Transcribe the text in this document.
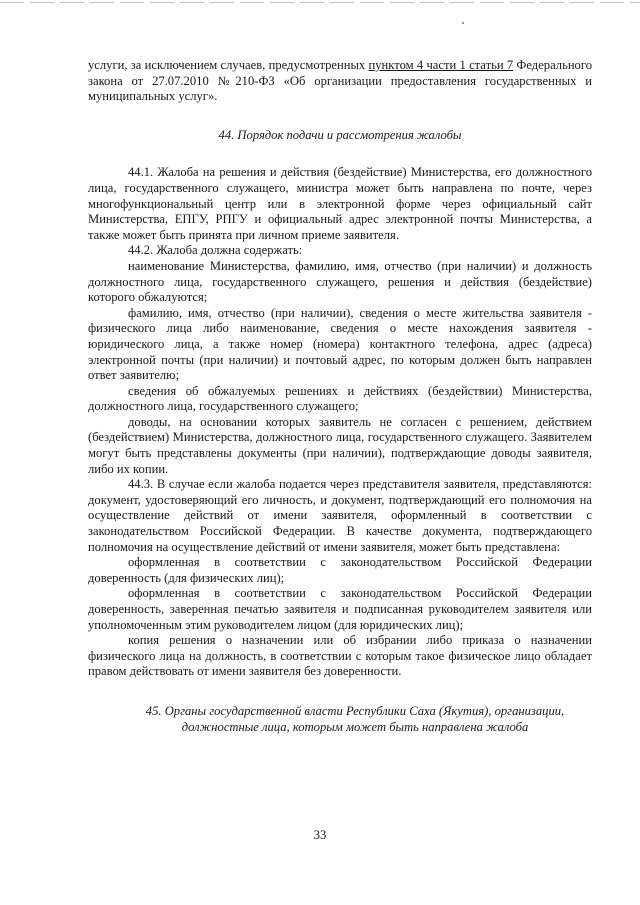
услуги, за исключением случаев, предусмотренных пунктом 4 части 1 статьи 7 Федерального закона от 27.07.2010 №210-ФЗ «Об организации предоставления государственных и муниципальных услуг».

44. Порядок подачи и рассмотрения жалобы

44.1. Жалоба на решения и действия (бездействие) Министерства, его должностного лица, государственного служащего, министра может быть направлена по почте, через многофункциональный центр или в электронной форме через официальный сайт Министерства, ЕПГУ, РПГУ и официальный адрес электронной почты Министерства, а также может быть принята при личном приеме заявителя.

44.2. Жалоба должна содержать:

наименование Министерства, фамилию, имя, отчество (при наличии) и должность должностного лица, государственного служащего, решения и действия (бездействие) которого обжалуются;

фамилию, имя, отчество (при наличии), сведения о месте жительства заявителя - физического лица либо наименование, сведения о месте нахождения заявителя - юридического лица, а также номер (номера) контактного телефона, адрес (адреса) электронной почты (при наличии) и почтовый адрес, по которым должен быть направлен ответ заявителю;

сведения об обжалуемых решениях и действиях (бездействии) Министерства, должностного лица, государственного служащего;

доводы, на основании которых заявитель не согласен с решением, действием (бездействием) Министерства, должностного лица, государственного служащего. Заявителем могут быть представлены документы (при наличии), подтверждающие доводы заявителя, либо их копии.

44.3. В случае если жалоба подается через представителя заявителя, представляются: документ, удостоверяющий его личность, и документ, подтверждающий его полномочия на осуществление действий от имени заявителя, оформленный в соответствии с законодательством Российской Федерации. В качестве документа, подтверждающего полномочия на осуществление действий от имени заявителя, может быть представлена:

оформленная в соответствии с законодательством Российской Федерации доверенность (для физических лиц);

оформленная в соответствии с законодательством Российской Федерации доверенность, заверенная печатью заявителя и подписанная руководителем заявителя или уполномоченным этим руководителем лицом (для юридических лиц);

копия решения о назначении или об избрании либо приказа о назначении физического лица на должность, в соответствии с которым такое физическое лицо обладает правом действовать от имени заявителя без доверенности.

45. Органы государственной власти Республики Саха (Якутия), организации, должностные лица, которым может быть направлена жалоба

33
